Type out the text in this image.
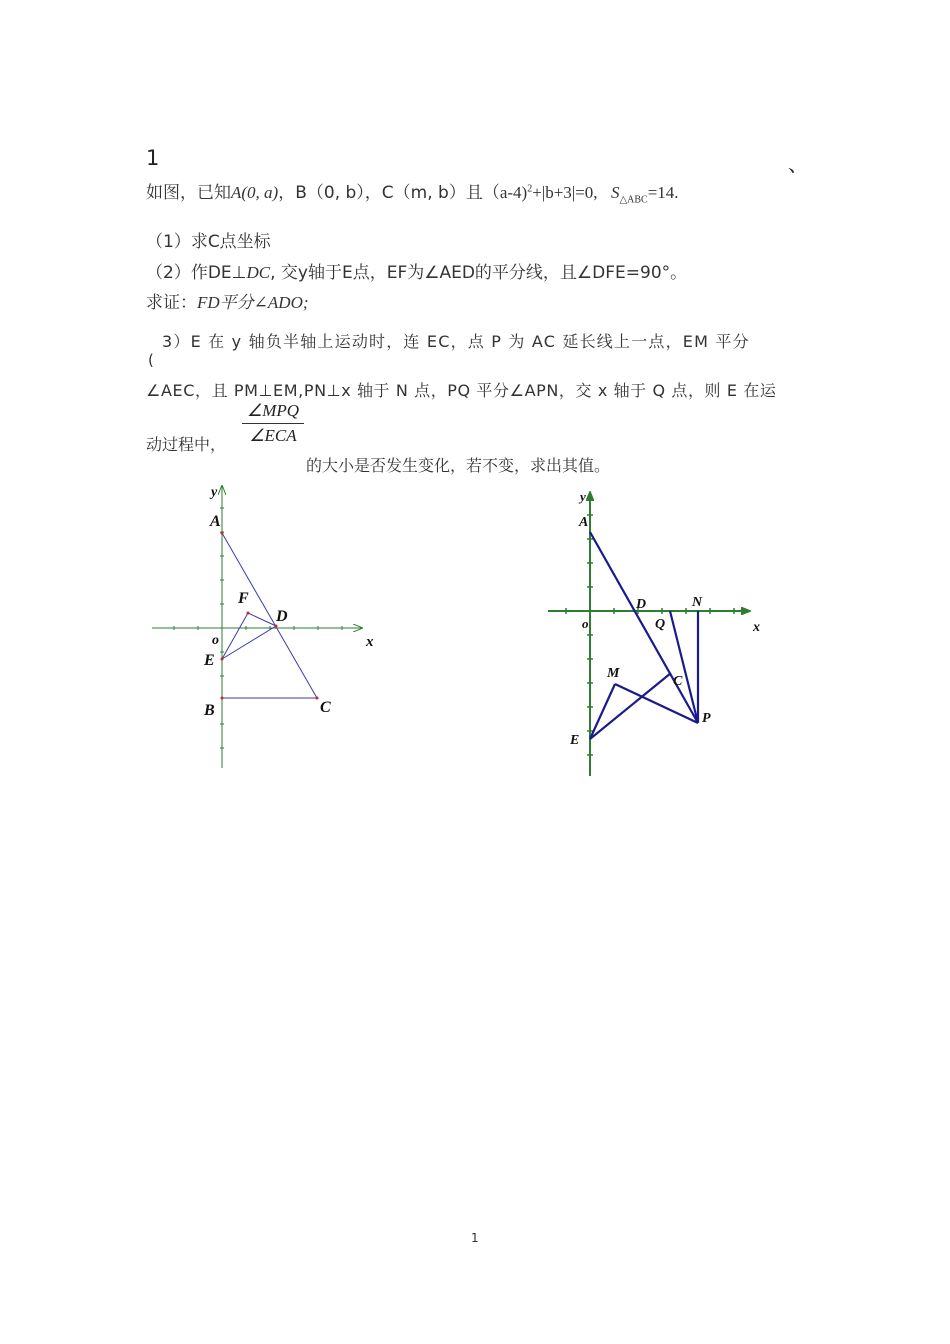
1	、
如图，已知A(0, a)，B（0, b），C（m, b）且（a-4)$^2$+|b+3|=0, $S_{\triangle ABC}=14$.
（1）求C点坐标
（2）作DE⊥DC, 交y轴于E点，EF为∠AED的平分线，且∠DFE=90°。
求证：FD平分∠ADO;
3）E 在 y 轴负半轴上运动时，连 EC，点 P 为 AC 延长线上一点，EM 平分
(
∠AEC，且 PM⊥EM,PN⊥x 轴于 N 点，PQ 平分∠APN，交 x 轴于 Q 点，则 E 在运
动过程中，
∠MPQ
∠ECA
的大小是否发生变化，若不变，求出其值。
y
x
o
A
F
D
E
B	C
y
x
o
A
D	N
Q
M
C
P
E
1
